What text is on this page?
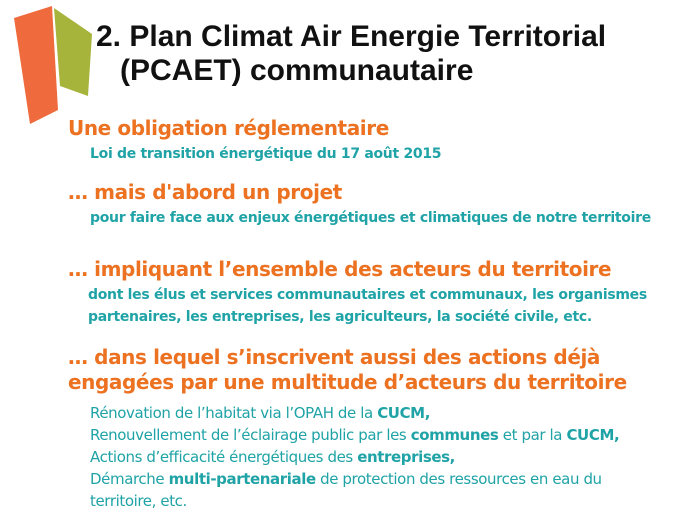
2. Plan Climat Air Energie Territorial
(PCAET) communautaire
Une obligation réglementaire

Loi de transition énergétique du 17 août 2015

… mais d'abord un projet

pour faire face aux enjeux énergétiques et climatiques de notre territoire

… impliquant l’ensemble des acteurs du territoire

dont les élus et services communautaires et communaux, les organismes
partenaires, les entreprises, les agriculteurs, la société civile, etc.

… dans lequel s’inscrivent aussi des actions déjà
engagées par une multitude d’acteurs du territoire
Rénovation de l’habitat via l’OPAH de la CUCM,
Renouvellement de l’éclairage public par les communes et par la CUCM,
Actions d’efficacité énergétiques des entreprises,
Démarche multi-partenariale de protection des ressources en eau du
territoire, etc.
